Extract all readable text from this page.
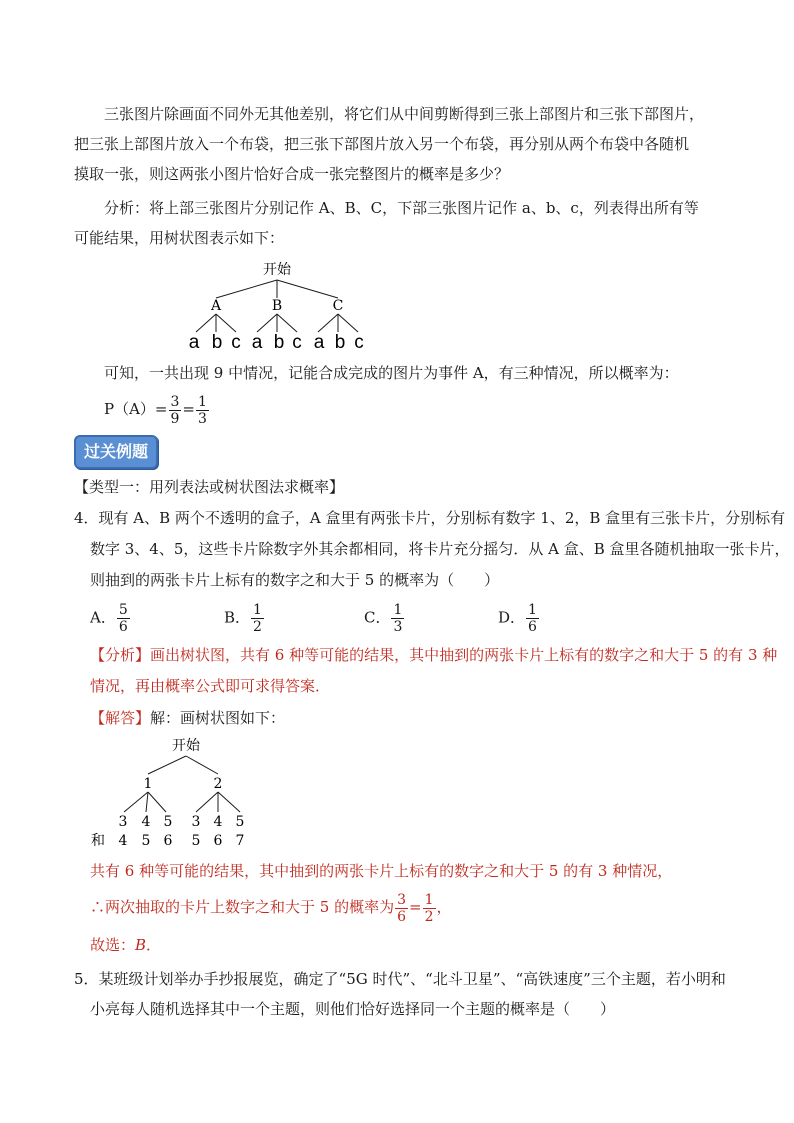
三张图片除画面不同外无其他差别，将它们从中间剪断得到三张上部图片和三张下部图片，
把三张上部图片放入一个布袋，把三张下部图片放入另一个布袋，再分别从两个布袋中各随机
摸取一张，则这两张小图片恰好合成一张完整图片的概率是多少？
分析：将上部三张图片分别记作 A、B、C，下部三张图片记作 a、b、c，列表得出所有等
可能结果，用树状图表示如下：
开始
A	B	C
a b c a b c a b c
可知，一共出现 9 中情况，记能合成完成的图片为事件 A，有三种情况，所以概率为：
$P(A)= \frac{3}{9} = \frac{1}{3}$
过关例题
【类型一：用列表法或树状图法求概率】
4．现有 A、B 两个不透明的盒子，A 盒里有两张卡片，分别标有数字 1、2，B 盒里有三张卡片，分别标有
数字 3、4、5，这些卡片除数字外其余都相同，将卡片充分摇匀．从 A 盒、B 盒里各随机抽取一张卡片，
则抽到的两张卡片上标有的数字之和大于 5 的概率为（　　）
A． $\frac{5}{6}$	B． $\frac{1}{2}$	C． $\frac{1}{3}$	D． $\frac{1}{6}$
【分析】画出树状图，共有 6 种等可能的结果，其中抽到的两张卡片上标有的数字之和大于 5 的有 3 种
情况，再由概率公式即可求得答案．
【解答】解：画树状图如下：
开始
1	2
3 4 5 3 4 5
和 4 5 6 5 6 7
共有 6 种等可能的结果，其中抽到的两张卡片上标有的数字之和大于 5 的有 3 种情况，
∴两次抽取的卡片上数字之和大于 5 的概率为 $\frac{3}{6} = \frac{1}{2}$ ，
故选：B．
5．某班级计划举办手抄报展览，确定了“5G 时代”、“北斗卫星”、“高铁速度”三个主题，若小明和
小亮每人随机选择其中一个主题，则他们恰好选择同一个主题的概率是（　　）
